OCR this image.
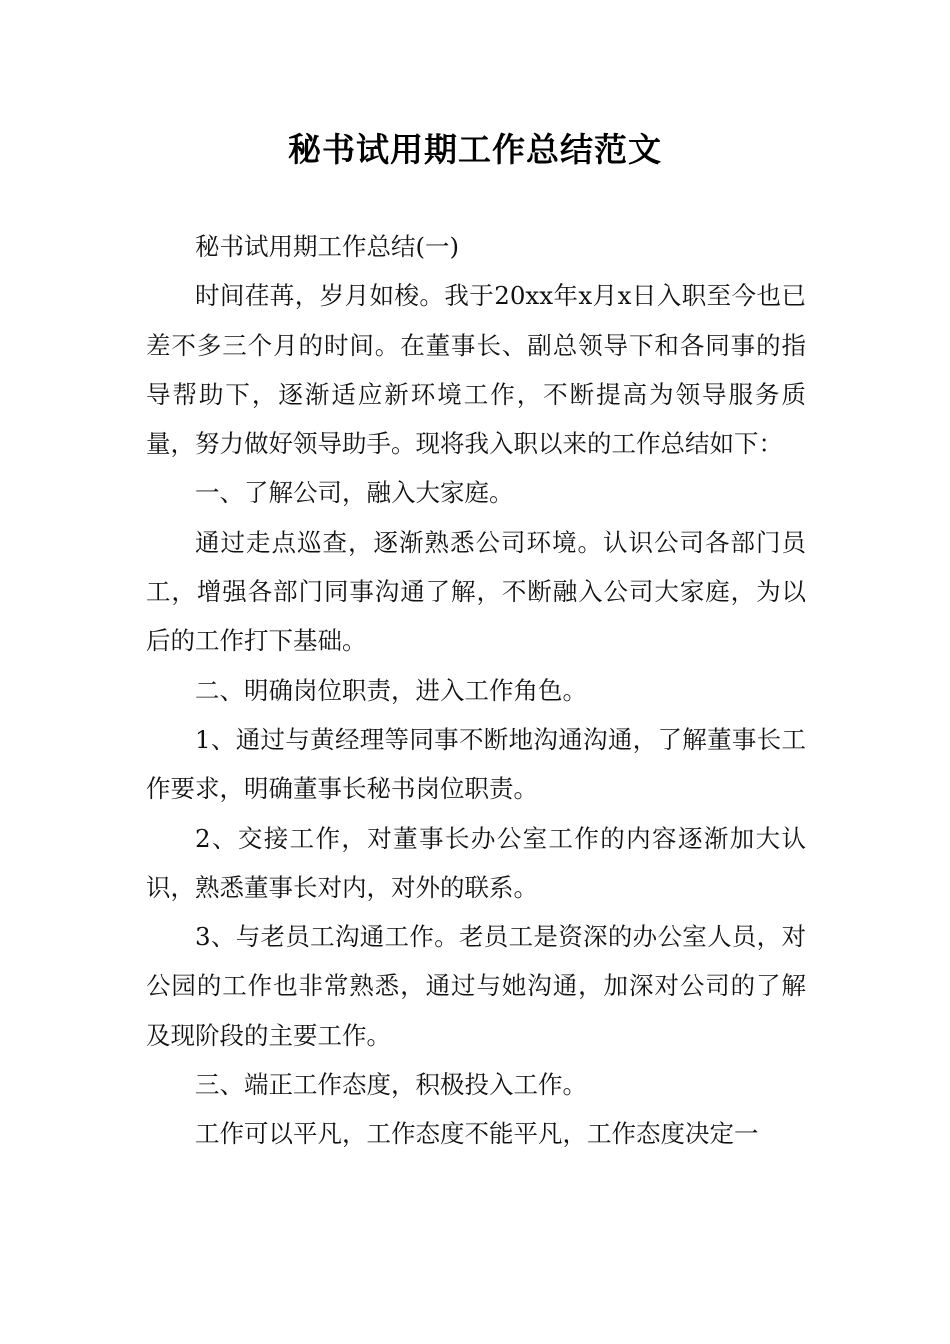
秘书试用期工作总结范文

秘书试用期工作总结(一)

时间荏苒，岁月如梭。我于20xx年x月x日入职至今也已差不多三个月的时间。在董事长、副总领导下和各同事的指导帮助下，逐渐适应新环境工作，不断提高为领导服务质量，努力做好领导助手。现将我入职以来的工作总结如下：

一、了解公司，融入大家庭。

通过走点巡查，逐渐熟悉公司环境。认识公司各部门员工，增强各部门同事沟通了解，不断融入公司大家庭，为以后的工作打下基础。

二、明确岗位职责，进入工作角色。

1、通过与黄经理等同事不断地沟通沟通，了解董事长工作要求，明确董事长秘书岗位职责。

2、交接工作，对董事长办公室工作的内容逐渐加大认识，熟悉董事长对内，对外的联系。

3、与老员工沟通工作。老员工是资深的办公室人员，对公园的工作也非常熟悉，通过与她沟通，加深对公司的了解及现阶段的主要工作。

三、端正工作态度，积极投入工作。

工作可以平凡，工作态度不能平凡，工作态度决定一
